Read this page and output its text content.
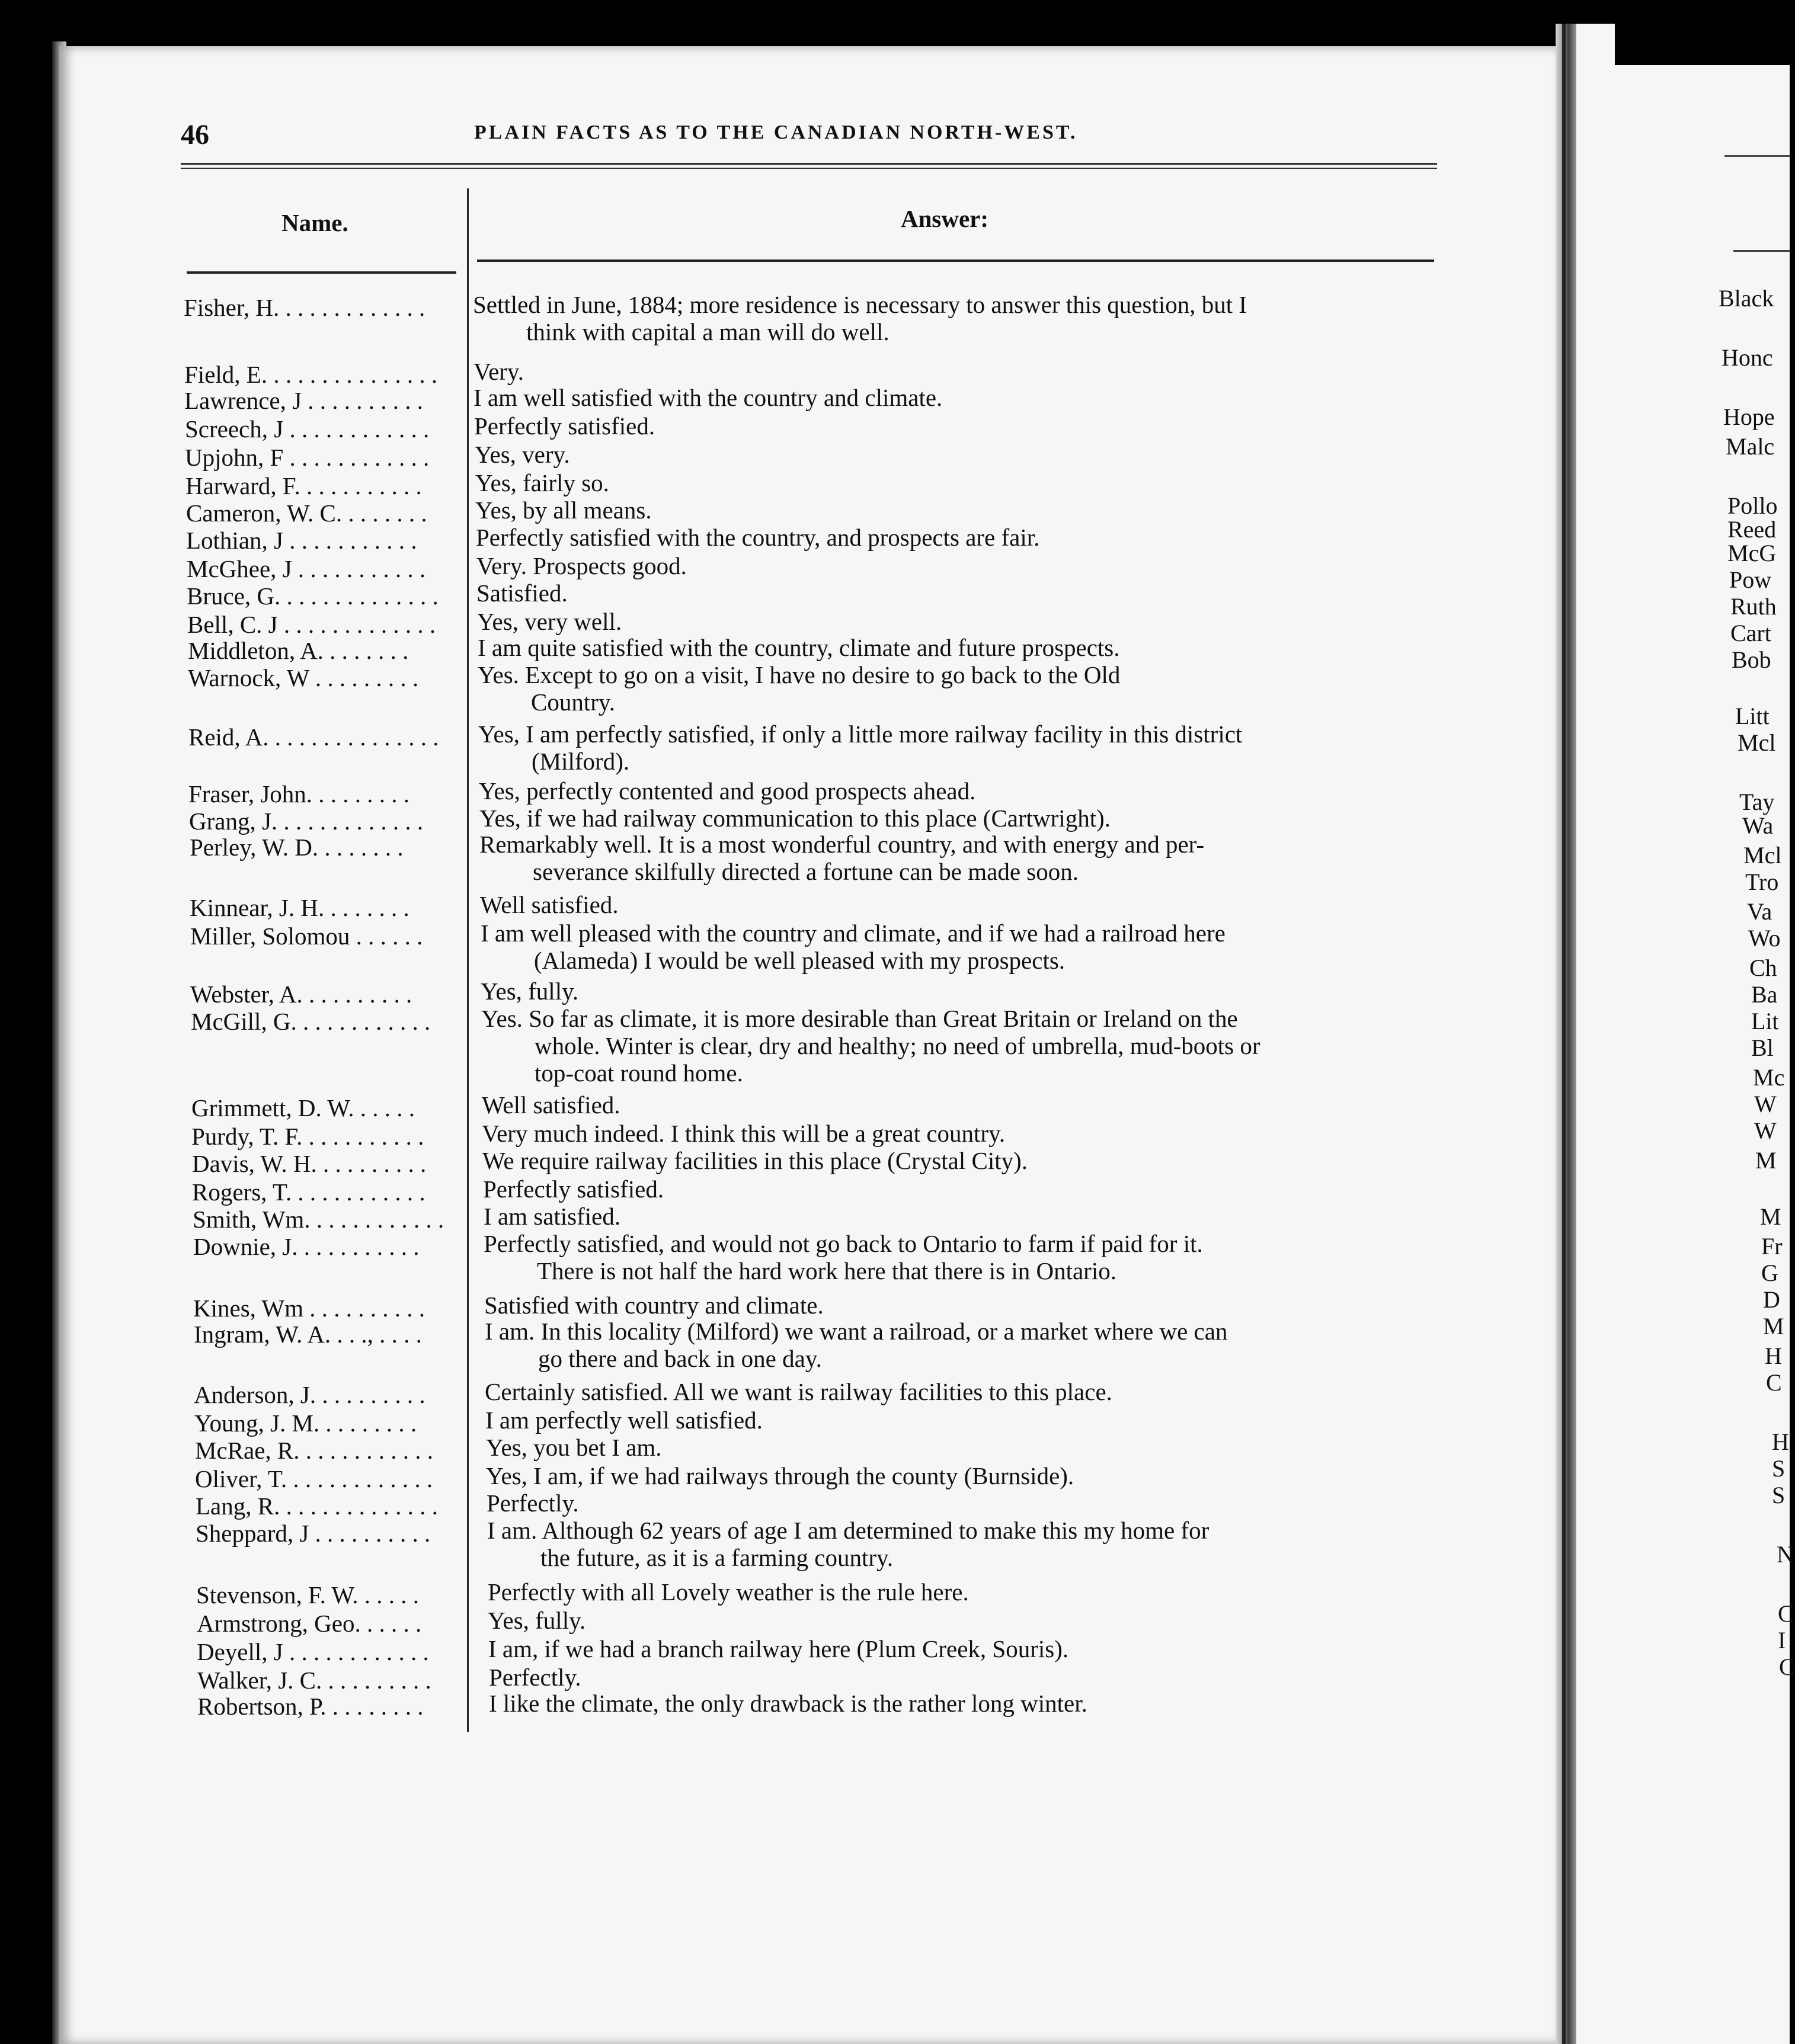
Black
Honc
Hope
Malc
Pollo
Reed
McG
Pow
Ruth
Cart
Bob
Litt
Mcl
Tay
Wa
Mcl
Tro
Va
Wo
Ch
Ba
Lit
Bl
Mc
W
W
M
M
Fr
G
D
M
H
C
H
S
S
N
C
I
C
46	PLAIN FACTS AS TO THE CANADIAN NORTH-WEST.
Name.	Answer:
Fisher, H. . . . . . . . . . . . .	Settled in June, 1884; more residence is necessary to answer this question, but I
think with capital a man will do well.
Field, E. . . . . . . . . . . . . . .	Very.
Lawrence, J . . . . . . . . . .	I am well satisfied with the country and climate.
Screech, J . . . . . . . . . . . .	Perfectly satisfied.
Upjohn, F . . . . . . . . . . . .	Yes, very.
Harward, F. . . . . . . . . . .	Yes, fairly so.
Cameron, W. C. . . . . . . .	Yes, by all means.
Lothian, J . . . . . . . . . . .	Perfectly satisfied with the country, and prospects are fair.
McGhee, J . . . . . . . . . . .	Very. Prospects good.
Bruce, G. . . . . . . . . . . . . .	Satisfied.
Bell, C. J . . . . . . . . . . . . .	Yes, very well.
Middleton, A. . . . . . . .	I am quite satisfied with the country, climate and future prospects.
Warnock, W . . . . . . . . .	Yes. Except to go on a visit, I have no desire to go back to the Old
Country.
Reid, A. . . . . . . . . . . . . . .	Yes, I am perfectly satisfied, if only a little more railway facility in this district
(Milford).
Fraser, John. . . . . . . . .	Yes, perfectly contented and good prospects ahead.
Grang, J. . . . . . . . . . . . .	Yes, if we had railway communication to this place (Cartwright).
Perley, W. D. . . . . . . .	Remarkably well. It is a most wonderful country, and with energy and per-
severance skilfully directed a fortune can be made soon.
Kinnear, J. H. . . . . . . .	Well satisfied.
Miller, Solomou . . . . . .	I am well pleased with the country and climate, and if we had a railroad here
(Alameda) I would be well pleased with my prospects.
Webster, A. . . . . . . . . .	Yes, fully.
McGill, G. . . . . . . . . . . .	Yes. So far as climate, it is more desirable than Great Britain or Ireland on the
whole. Winter is clear, dry and healthy; no need of umbrella, mud-boots or
top-coat round home.
Grimmett, D. W. . . . . .	Well satisfied.
Purdy, T. F. . . . . . . . . . .	Very much indeed. I think this will be a great country.
Davis, W. H. . . . . . . . . .	We require railway facilities in this place (Crystal City).
Rogers, T. . . . . . . . . . . .	Perfectly satisfied.
Smith, Wm. . . . . . . . . . . .	I am satisfied.
Downie, J. . . . . . . . . . .	Perfectly satisfied, and would not go back to Ontario to farm if paid for it.
There is not half the hard work here that there is in Ontario.
Kines, Wm . . . . . . . . . .	Satisfied with country and climate.
Ingram, W. A. . . ., . . . .	I am. In this locality (Milford) we want a railroad, or a market where we can
go there and back in one day.
Anderson, J. . . . . . . . . .	Certainly satisfied. All we want is railway facilities to this place.
Young, J. M. . . . . . . . .	I am perfectly well satisfied.
McRae, R. . . . . . . . . . . .	Yes, you bet I am.
Oliver, T. . . . . . . . . . . . .	Yes, I am, if we had railways through the county (Burnside).
Lang, R. . . . . . . . . . . . . .	Perfectly.
Sheppard, J . . . . . . . . . .	I am. Although 62 years of age I am determined to make this my home for
the future, as it is a farming country.
Stevenson, F. W. . . . . .	Perfectly with all Lovely weather is the rule here.
Armstrong, Geo. . . . . .	Yes, fully.
Deyell, J . . . . . . . . . . . .	I am, if we had a branch railway here (Plum Creek, Souris).
Walker, J. C. . . . . . . . . .	Perfectly.
Robertson, P. . . . . . . . .	I like the climate, the only drawback is the rather long winter.
